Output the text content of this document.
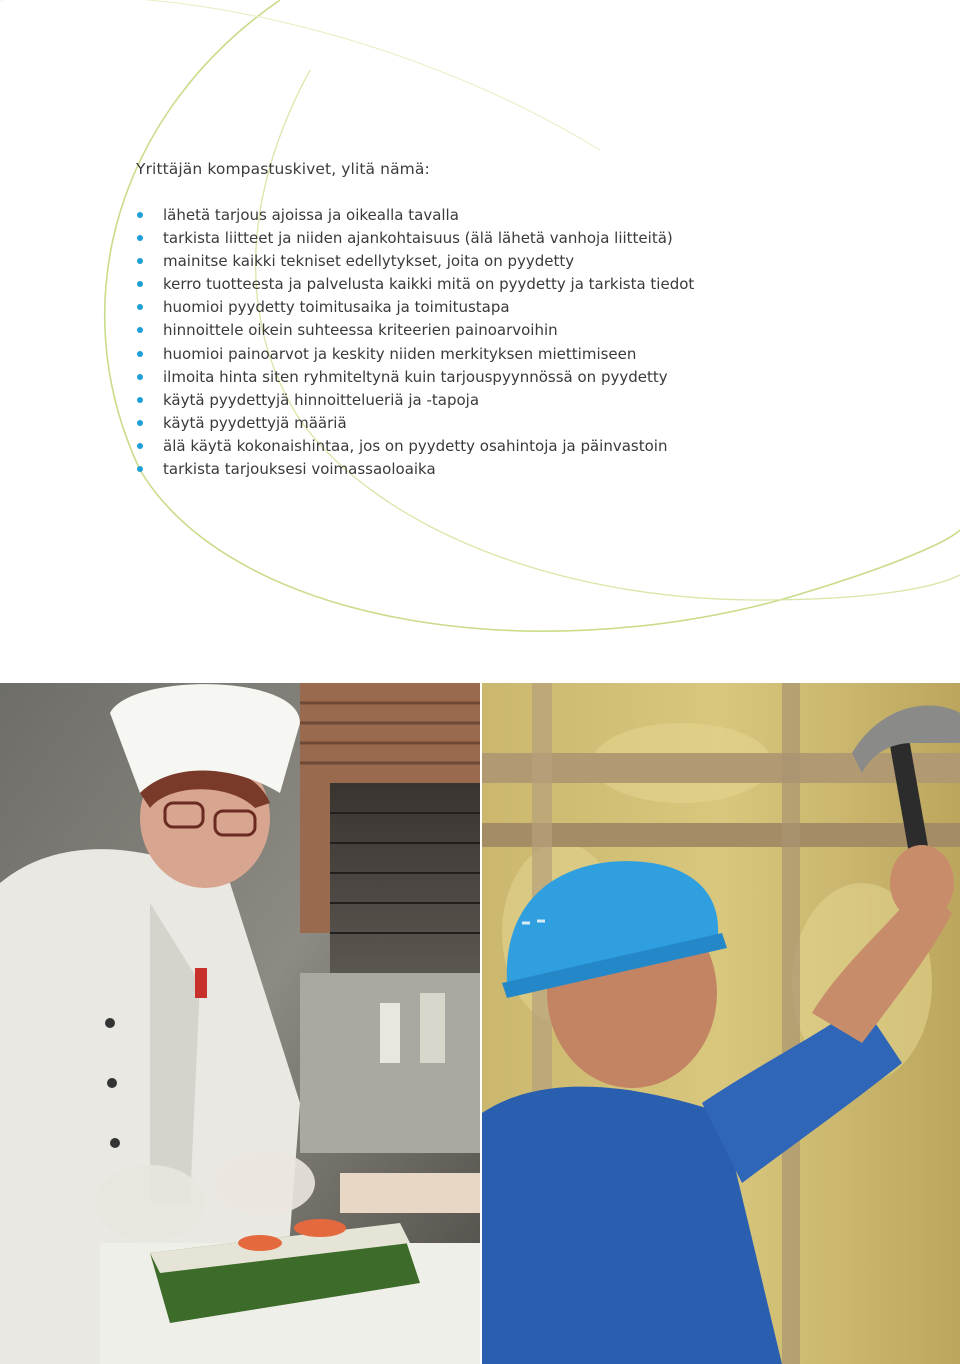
Yrittäjän kompastuskivet, ylitä nämä:
lähetä tarjous ajoissa ja oikealla tavalla
tarkista liitteet ja niiden ajankohtaisuus (älä lähetä vanhoja liitteitä)
mainitse kaikki tekniset edellytykset, joita on pyydetty
kerro tuotteesta ja palvelusta kaikki mitä on pyydetty ja tarkista tiedot
huomioi pyydetty toimitusaika ja toimitustapa
hinnoittele oikein suhteessa kriteerien painoarvoihin
huomioi painoarvot ja keskity niiden merkityksen miettimiseen
ilmoita hinta siten ryhmiteltynä kuin tarjouspyynnössä on pyydetty
käytä pyydettyjä hinnoittelueriä ja -tapoja
käytä pyydettyjä määriä
älä käytä kokonaishintaa, jos on pyydetty osahintoja ja päinvastoin
tarkista tarjouksesi voimassaoloaika
